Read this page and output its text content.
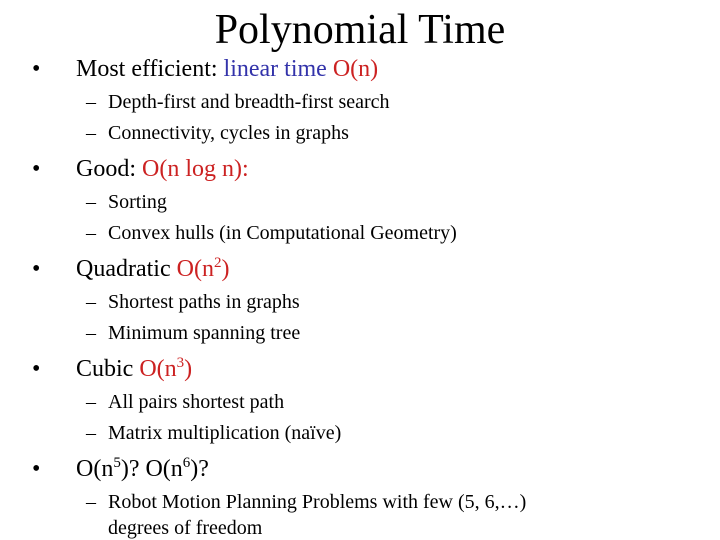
Polynomial Time
• Most efficient: linear time O(n)
– Depth-first and breadth-first search
– Connectivity, cycles in graphs
• Good: O(n log n):
– Sorting
– Convex hulls (in Computational Geometry)
• Quadratic $O(n^2)$
– Shortest paths in graphs
– Minimum spanning tree
• Cubic $O(n^3)$
– All pairs shortest path
– Matrix multiplication (naïve)
• $O(n^5)$? $O(n^6)$?
– Robot Motion Planning Problems with few (5, 6,…)
degrees of freedom
